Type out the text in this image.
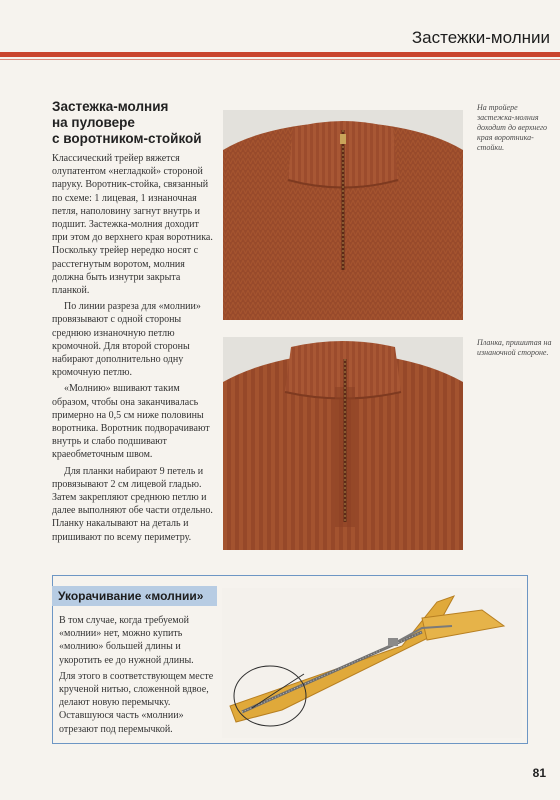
Застежки-молнии
Застежка-молния
на пуловере
с воротником-стойкой

Классический трейер вяжется олупатентом «негладкой» стороной паруку. Воротник-стойка, связанный по схеме: 1 лицевая, 1 изнаночная петля, наполовину загнут внутрь и подшит. Застежка-молния доходит при этом до верхнего края воротника. Поскольку трейер нередко носят с расстегнутым воротом, молния должна быть изнутри закрыта планкой.

По линии разреза для «молнии» провязывают с одной стороны среднюю изнаночную петлю кромочной. Для второй стороны набирают дополнительно одну кромочную петлю.

«Молнию» вшивают таким образом, чтобы она заканчивалась примерно на 0,5 см ниже половины воротника. Воротник подворачивают внутрь и слабо подшивают краеобметочным швом.

Для планки набирают 9 петель и провязывают 2 см лицевой гладью. Затем закрепляют среднюю петлю и далее выполняют обе части отдельно. Планку накалывают на деталь и пришивают по всему периметру.

На тройере застежка-молния доходит до верхнего края воротника-стойки.
Планка, пришитая на изнаночной стороне.
Укорачивание «молнии»

В том случае, когда требуемой «молнии» нет, можно купить «молнию» большей длины и укоротить ее до нужной длины.

Для этого в соответствующем месте крученой нитью, сложенной вдвое, делают новую перемычку. Оставшуюся часть «молнии» отрезают под перемычкой.

81
